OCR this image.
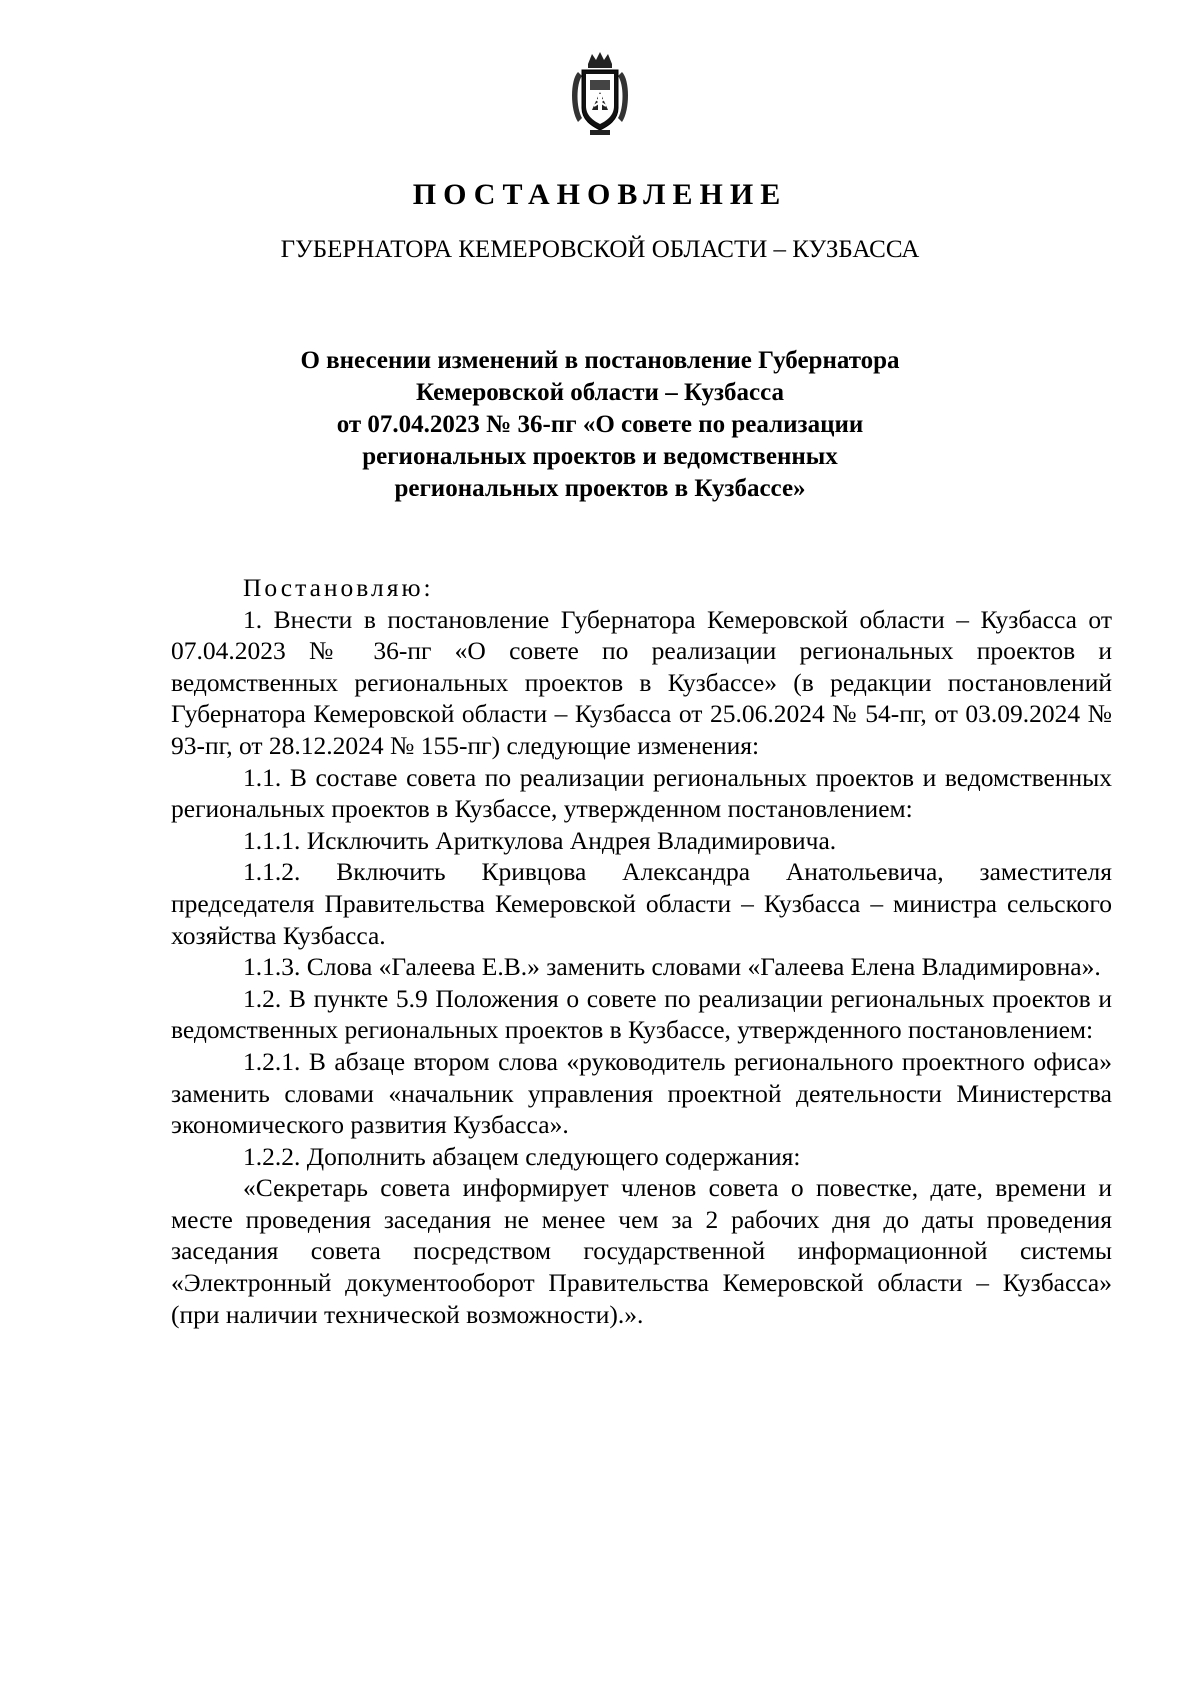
ПОСТАНОВЛЕНИЕ
ГУБЕРНАТОРА КЕМЕРОВСКОЙ ОБЛАСТИ – КУЗБАССА
О внесении изменений в постановление Губернатора
Кемеровской области – Кузбасса
от 07.04.2023 № 36-пг «О совете по реализации
региональных проектов и ведомственных
региональных проектов в Кузбассе»

Постановляю:

1. Внести в постановление Губернатора Кемеровской области – Кузбасса от 07.04.2023 № 36-пг «О совете по реализации региональных проектов и ведомственных региональных проектов в Кузбассе» (в редакции постановлений Губернатора Кемеровской области – Кузбасса от 25.06.2024 № 54-пг, от 03.09.2024 № 93-пг, от 28.12.2024 № 155-пг) следующие изменения:

1.1. В составе совета по реализации региональных проектов и ведомственных региональных проектов в Кузбассе, утвержденном постановлением:

1.1.1. Исключить Ариткулова Андрея Владимировича.

1.1.2. Включить Кривцова Александра Анатольевича, заместителя председателя Правительства Кемеровской области – Кузбасса – министра сельского хозяйства Кузбасса.

1.1.3. Слова «Галеева Е.В.» заменить словами «Галеева Елена Владимировна».

1.2. В пункте 5.9 Положения о совете по реализации региональных проектов и ведомственных региональных проектов в Кузбассе, утвержденного постановлением:

1.2.1. В абзаце втором слова «руководитель регионального проектного офиса» заменить словами «начальник управления проектной деятельности Министерства экономического развития Кузбасса».

1.2.2. Дополнить абзацем следующего содержания:

«Секретарь совета информирует членов совета о повестке, дате, времени и месте проведения заседания не менее чем за 2 рабочих дня до даты проведения заседания совета посредством государственной информационной системы «Электронный документооборот Правительства Кемеровской области – Кузбасса» (при наличии технической возможности).».
